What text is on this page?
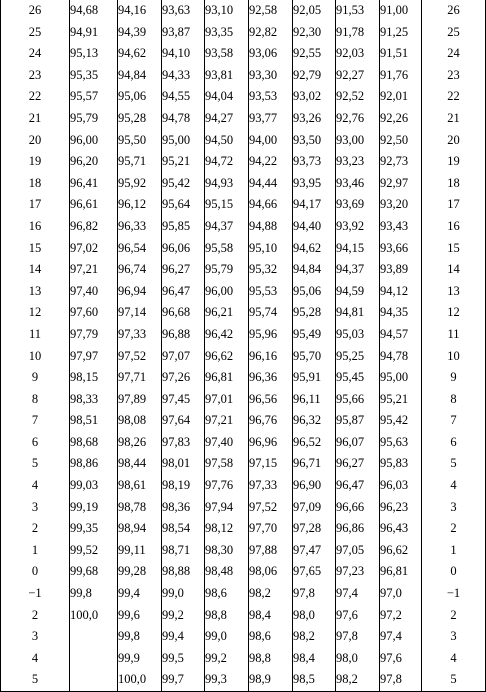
26	94,68	94,16	93,63	93,10	92,58	92,05	91,53	91,00	26
25	94,91	94,39	93,87	93,35	92,82	92,30	91,78	91,25	25
24	95,13	94,62	94,10	93,58	93,06	92,55	92,03	91,51	24
23	95,35	94,84	94,33	93,81	93,30	92,79	92,27	91,76	23
22	95,57	95,06	94,55	94,04	93,53	93,02	92,52	92,01	22
21	95,79	95,28	94,78	94,27	93,77	93,26	92,76	92,26	21
20	96,00	95,50	95,00	94,50	94,00	93,50	93,00	92,50	20
19	96,20	95,71	95,21	94,72	94,22	93,73	93,23	92,73	19
18	96,41	95,92	95,42	94,93	94,44	93,95	93,46	92,97	18
17	96,61	96,12	95,64	95,15	94,66	94,17	93,69	93,20	17
16	96,82	96,33	95,85	94,37	94,88	94,40	93,92	93,43	16
15	97,02	96,54	96,06	95,58	95,10	94,62	94,15	93,66	15
14	97,21	96,74	96,27	95,79	95,32	94,84	94,37	93,89	14
13	97,40	96,94	96,47	96,00	95,53	95,06	94,59	94,12	13
12	97,60	97,14	96,68	96,21	95,74	95,28	94,81	94,35	12
11	97,79	97,33	96,88	96,42	95,96	95,49	95,03	94,57	11
10	97,97	97,52	97,07	96,62	96,16	95,70	95,25	94,78	10
9	98,15	97,71	97,26	96,81	96,36	95,91	95,45	95,00	9
8	98,33	97,89	97,45	97,01	96,56	96,11	95,66	95,21	8
7	98,51	98,08	97,64	97,21	96,76	96,32	95,87	95,42	7
6	98,68	98,26	97,83	97,40	96,96	96,52	96,07	95,63	6
5	98,86	98,44	98,01	97,58	97,15	96,71	96,27	95,83	5
4	99,03	98,61	98,19	97,76	97,33	96,90	96,47	96,03	4
3	99,19	98,78	98,36	97,94	97,52	97,09	96,66	96,23	3
2	99,35	98,94	98,54	98,12	97,70	97,28	96,86	96,43	2
1	99,52	99,11	98,71	98,30	97,88	97,47	97,05	96,62	1
0	99,68	99,28	98,88	98,48	98,06	97,65	97,23	96,81	0
−1	99,8	99,4	99,0	98,6	98,2	97,8	97,4	97,0	−1
2	100,0	99,6	99,2	98,8	98,4	98,0	97,6	97,2	2
3		99,8	99,4	99,0	98,6	98,2	97,8	97,4	3
4		99,9	99,5	99,2	98,8	98,4	98,0	97,6	4
5		100,0	99,7	99,3	98,9	98,5	98,2	97,8	5
